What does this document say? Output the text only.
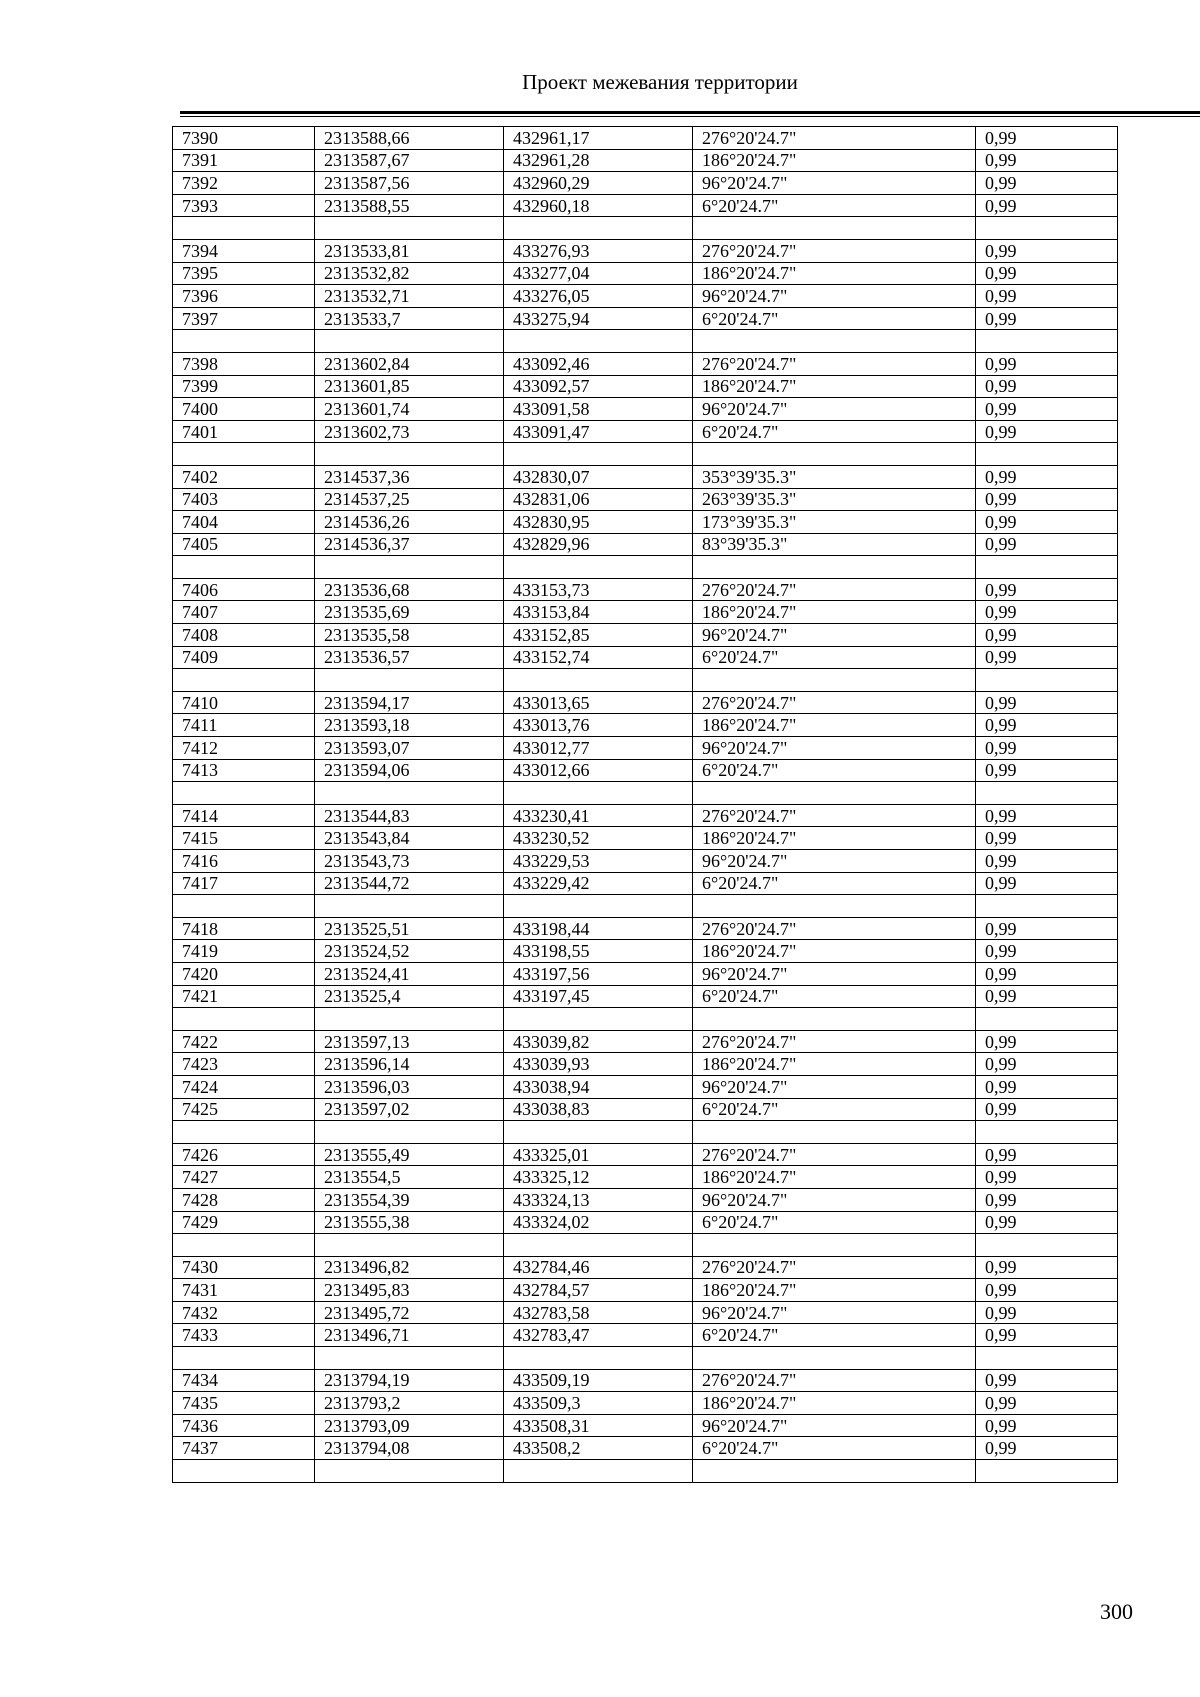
Проект межевания территории
7390	2313588,66	432961,17	276°20'24.7"	0,99
7391	2313587,67	432961,28	186°20'24.7"	0,99
7392	2313587,56	432960,29	96°20'24.7"	0,99
7393	2313588,55	432960,18	6°20'24.7"	0,99

7394	2313533,81	433276,93	276°20'24.7"	0,99
7395	2313532,82	433277,04	186°20'24.7"	0,99
7396	2313532,71	433276,05	96°20'24.7"	0,99
7397	2313533,7	433275,94	6°20'24.7"	0,99

7398	2313602,84	433092,46	276°20'24.7"	0,99
7399	2313601,85	433092,57	186°20'24.7"	0,99
7400	2313601,74	433091,58	96°20'24.7"	0,99
7401	2313602,73	433091,47	6°20'24.7"	0,99

7402	2314537,36	432830,07	353°39'35.3"	0,99
7403	2314537,25	432831,06	263°39'35.3"	0,99
7404	2314536,26	432830,95	173°39'35.3"	0,99
7405	2314536,37	432829,96	83°39'35.3"	0,99

7406	2313536,68	433153,73	276°20'24.7"	0,99
7407	2313535,69	433153,84	186°20'24.7"	0,99
7408	2313535,58	433152,85	96°20'24.7"	0,99
7409	2313536,57	433152,74	6°20'24.7"	0,99

7410	2313594,17	433013,65	276°20'24.7"	0,99
7411	2313593,18	433013,76	186°20'24.7"	0,99
7412	2313593,07	433012,77	96°20'24.7"	0,99
7413	2313594,06	433012,66	6°20'24.7"	0,99

7414	2313544,83	433230,41	276°20'24.7"	0,99
7415	2313543,84	433230,52	186°20'24.7"	0,99
7416	2313543,73	433229,53	96°20'24.7"	0,99
7417	2313544,72	433229,42	6°20'24.7"	0,99

7418	2313525,51	433198,44	276°20'24.7"	0,99
7419	2313524,52	433198,55	186°20'24.7"	0,99
7420	2313524,41	433197,56	96°20'24.7"	0,99
7421	2313525,4	433197,45	6°20'24.7"	0,99

7422	2313597,13	433039,82	276°20'24.7"	0,99
7423	2313596,14	433039,93	186°20'24.7"	0,99
7424	2313596,03	433038,94	96°20'24.7"	0,99
7425	2313597,02	433038,83	6°20'24.7"	0,99

7426	2313555,49	433325,01	276°20'24.7"	0,99
7427	2313554,5	433325,12	186°20'24.7"	0,99
7428	2313554,39	433324,13	96°20'24.7"	0,99
7429	2313555,38	433324,02	6°20'24.7"	0,99

7430	2313496,82	432784,46	276°20'24.7"	0,99
7431	2313495,83	432784,57	186°20'24.7"	0,99
7432	2313495,72	432783,58	96°20'24.7"	0,99
7433	2313496,71	432783,47	6°20'24.7"	0,99

7434	2313794,19	433509,19	276°20'24.7"	0,99
7435	2313793,2	433509,3	186°20'24.7"	0,99
7436	2313793,09	433508,31	96°20'24.7"	0,99
7437	2313794,08	433508,2	6°20'24.7"	0,99

300
